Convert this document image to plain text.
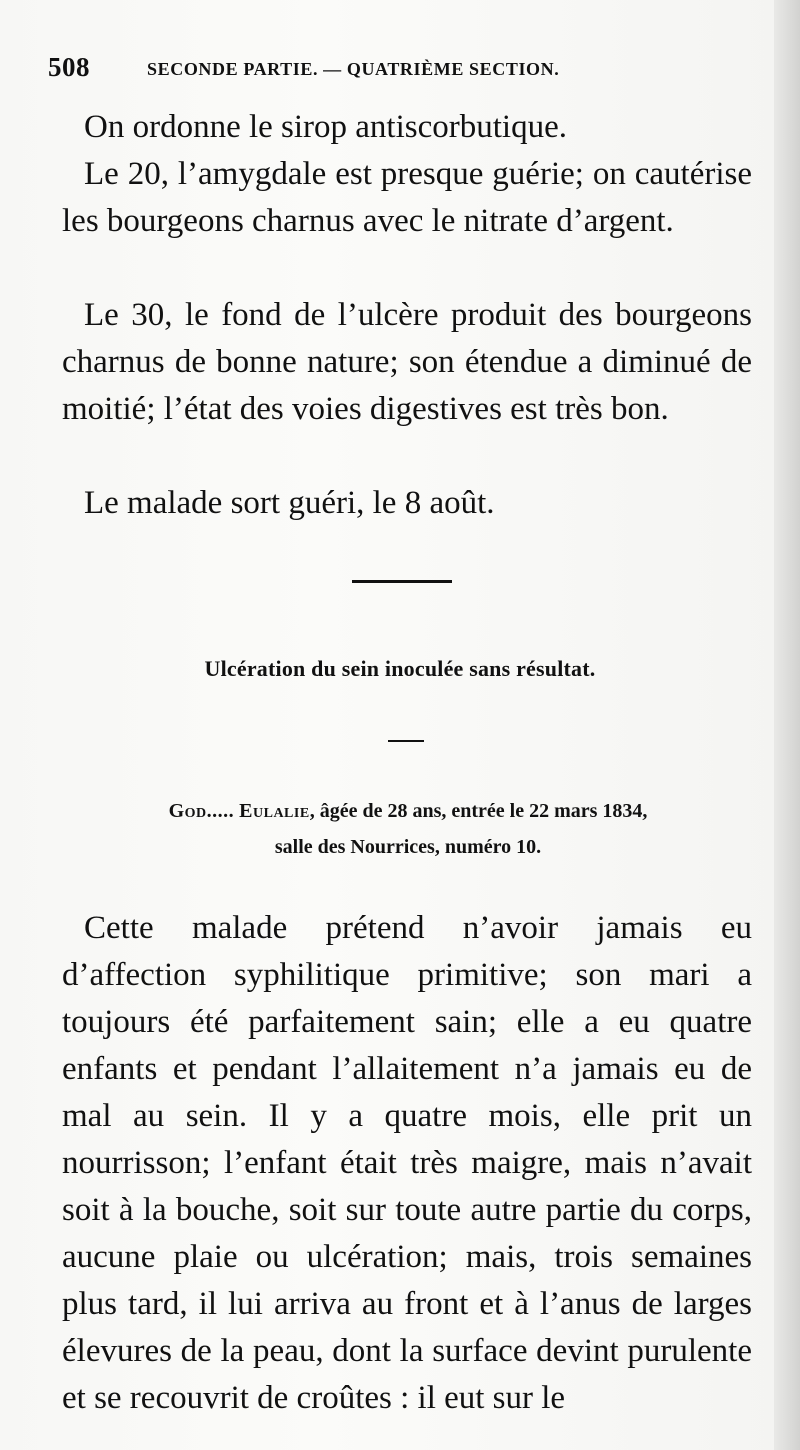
508	SECONDE PARTIE. — QUATRIÈME SECTION.

On ordonne le sirop antiscorbutique.

Le 20, l’amygdale est presque guérie; on cautérise les bourgeons charnus avec le nitrate d’argent.

Le 30, le fond de l’ulcère produit des bourgeons charnus de bonne nature; son étendue a diminué de moitié; l’état des voies digestives est très bon.

Le malade sort guéri, le 8 août.

Ulcération du sein inoculée sans résultat.
God..... Eulalie, âgée de 28 ans, entrée le 22 mars 1834,
salle des Nourrices, numéro 10.

Cette malade prétend n’avoir jamais eu d’affection syphilitique primitive; son mari a toujours été parfaitement sain; elle a eu quatre enfants et pendant l’allaitement n’a jamais eu de mal au sein. Il y a quatre mois, elle prit un nourrisson; l’enfant était très maigre, mais n’avait soit à la bouche, soit sur toute autre partie du corps, aucune plaie ou ulcération; mais, trois semaines plus tard, il lui arriva au front et à l’anus de larges élevures de la peau, dont la surface devint purulente et se recouvrit de croûtes : il eut sur le
